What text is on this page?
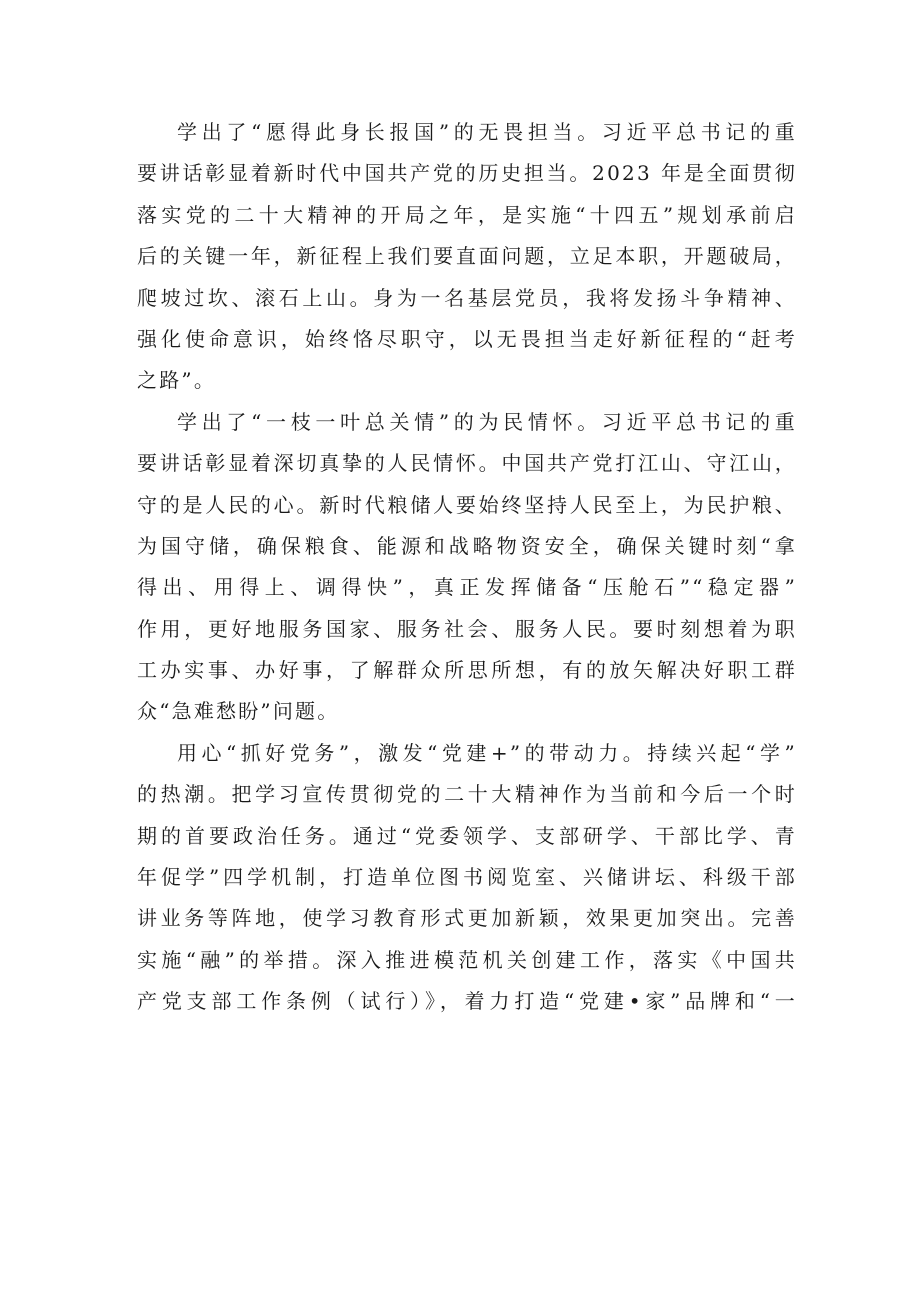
学出了“愿得此身长报国”的无畏担当。习近平总书记的重
要讲话彰显着新时代中国共产党的历史担当。2023 年是全面贯彻
落实党的二十大精神的开局之年，是实施“十四五”规划承前启
后的关键一年，新征程上我们要直面问题，立足本职，开题破局，
爬坡过坎、滚石上山。身为一名基层党员，我将发扬斗争精神、
强化使命意识，始终恪尽职守，以无畏担当走好新征程的“赶考
之路”。
学出了“一枝一叶总关情”的为民情怀。习近平总书记的重
要讲话彰显着深切真挚的人民情怀。中国共产党打江山、守江山，
守的是人民的心。新时代粮储人要始终坚持人民至上，为民护粮、
为国守储，确保粮食、能源和战略物资安全，确保关键时刻“拿
得出、用得上、调得快”，真正发挥储备“压舱石”“稳定器”
作用，更好地服务国家、服务社会、服务人民。要时刻想着为职
工办实事、办好事，了解群众所思所想，有的放矢解决好职工群
众“急难愁盼”问题。
用心“抓好党务”，激发“党建+”的带动力。持续兴起“学”
的热潮。把学习宣传贯彻党的二十大精神作为当前和今后一个时
期的首要政治任务。通过“党委领学、支部研学、干部比学、青
年促学”四学机制，打造单位图书阅览室、兴储讲坛、科级干部
讲业务等阵地，使学习教育形式更加新颖，效果更加突出。完善
实施“融”的举措。深入推进模范机关创建工作，落实《中国共
产党支部工作条例（试行）》，着力打造“党建•家”品牌和“一
